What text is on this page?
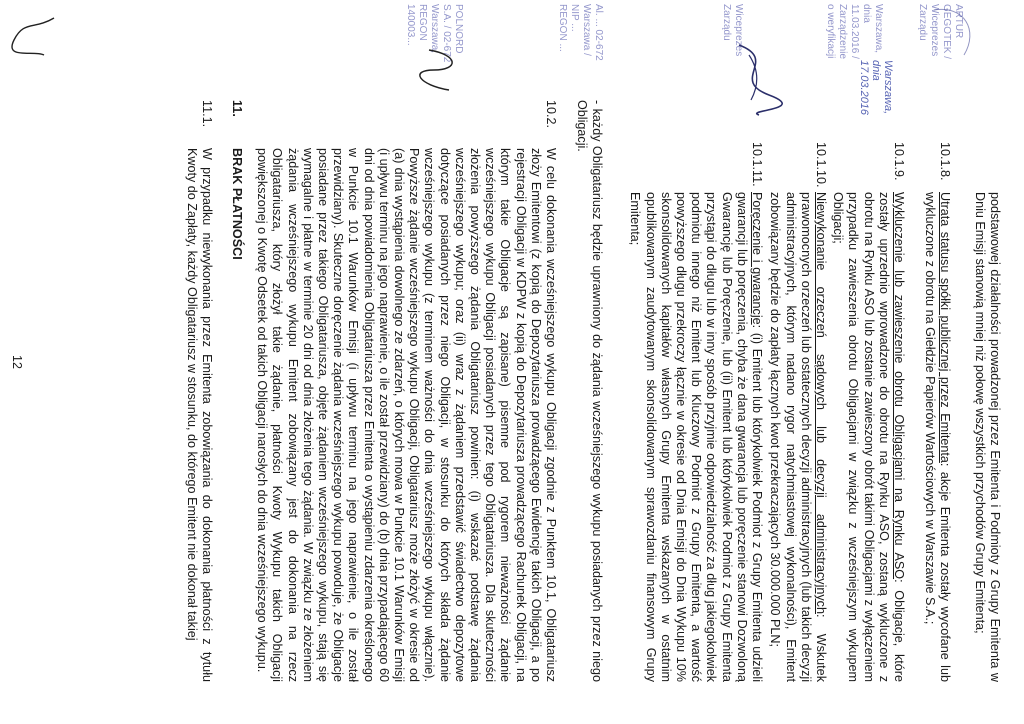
podstawowej działalności prowadzonej przez Emitenta i Podmioty z Grupy Emitenta w Dniu Emisji stanowią mniej niż połowę wszystkich przychodów Grupy Emitenta;
10.1.8.
Utrata statusu spółki publicznej przez Emitenta: akcje Emitenta zostały wycofane lub wykluczone z obrotu na Giełdzie Papierów Wartościowych w Warszawie S.A.;
10.1.9.
Wykluczenie lub zawieszenie obrotu Obligacjami na Rynku ASO: Obligacje, które zostały uprzednio wprowadzone do obrotu na Rynku ASO, zostaną wykluczone z obrotu na Rynku ASO lub zostanie zawieszony obrót takimi Obligacjami z wyłączeniem przypadku zawieszenia obrotu Obligacjami w związku z wcześniejszym wykupem Obligacji;
10.1.10.
Niewykonanie orzeczeń sądowych lub decyzji administracyjnych: Wskutek prawomocnych orzeczeń lub ostatecznych decyzji administracyjnych (lub takich decyzji administracyjnych, którym nadano rygor natychmiastowej wykonalności), Emitent zobowiązany będzie do zapłaty łącznych kwot przekraczających 30.000.000 PLN;
10.1.11.
Poręczenie i gwarancje: (i) Emitent lub którykolwiek Podmiot z Grupy Emitenta udzieli gwarancji lub poręczenia, chyba że dana gwarancja lub poręczenie stanowi Dozwoloną Gwarancję lub Poręczenie, lub (ii) Emitent lub którykolwiek Podmiot z Grupy Emitenta przystąpi do długu lub w inny sposób przyjmie odpowiedzialność za dług jakiegokolwiek podmiotu innego niż Emitent lub Kluczowy Podmiot z Grupy Emitenta, a wartość powyższego długu przekroczy łącznie w okresie od Dnia Emisji do Dnia Wykupu 10% skonsolidowanych kapitałów własnych Grupy Emitenta wskazanych w ostatnim opublikowanym zaudytowanym skonsolidowanym sprawozdaniu finansowym Grupy Emitenta;
- każdy Obligatariusz będzie uprawniony do żądania wcześniejszego wykupu posiadanych przez niego Obligacji.
10.2.
W celu dokonania wcześniejszego wykupu Obligacji zgodnie z Punktem 10.1, Obligatariusz złoży Emitentowi (z kopią do Depozytariusza prowadzącego Ewidencję takich Obligacji, a po rejestracji Obligacji w KDPW z kopią do Depozytariusza prowadzącego Rachunek Obligacji, na którym takie Obligacje są zapisane) pisemne pod rygorem nieważności żądanie wcześniejszego wykupu Obligacji posiadanych przez tego Obligatariusza. Dla skuteczności złożenia powyższego żądania Obligatariusz powinien: (i) wskazać podstawę żądania wcześniejszego wykupu; oraz (ii) wraz z żądaniem przedstawić świadectwo depozytowe dotyczące posiadanych przez niego Obligacji, w stosunku do których składa żądanie wcześniejszego wykupu (z terminem ważności do dnia wcześniejszego wykupu włącznie). Powyższe żądanie wcześniejszego wykupu Obligacji, Obligatariusz może złożyć w okresie od (a) dnia wystąpienia dowolnego ze zdarzeń, o których mowa w Punkcie 10.1 Warunków Emisji (i upływu terminu na jego naprawienie, o ile został przewidziany) do (b) dnia przypadającego 60 dni od dnia powiadomienia Obligatariusza przez Emitenta o wystąpieniu zdarzenia określonego w Punkcie 10.1 Warunków Emisji (i upływu terminu na jego naprawienie, o ile został przewidziany). Skuteczne doręczenie żądania wcześniejszego wykupu powoduje, że Obligacje posiadane przez takiego Obligatariusza, objęte żądaniem wcześniejszego wykupu, stają się wymagalne i płatne w terminie 20 dni od dnia złożenia tego żądania. W związku ze złożeniem żądania wcześniejszego wykupu Emitent zobowiązany jest do dokonania na rzecz Obligatariusza, który złożył takie żądanie, płatności Kwoty Wykupu takich Obligacji powiększonej o Kwotę Odsetek od takich Obligacji narosłych do dnia wcześniejszego wykupu.
11.
BRAK PŁATNOŚCI
11.1.
W przypadku niewykonania przez Emitenta zobowiązania do dokonania płatności z tytułu Kwoty do Zapłaty, każdy Obligatariusz w stosunku, do którego Emitent nie dokonał takiej
12
ARTUR GEGOTEK / Wiceprezes Zarządu
Warszawa, dnia 11.03.2016 / Zarządzenie o weryfikacji
Wiceprezes Zarządu
Al. ... 02-672 Warszawa / NIP ... REGON ...
POLNORD S.A. / 02-672 Warszawa, REGON 140003...
Warszawa, dnia 17.03.2016
